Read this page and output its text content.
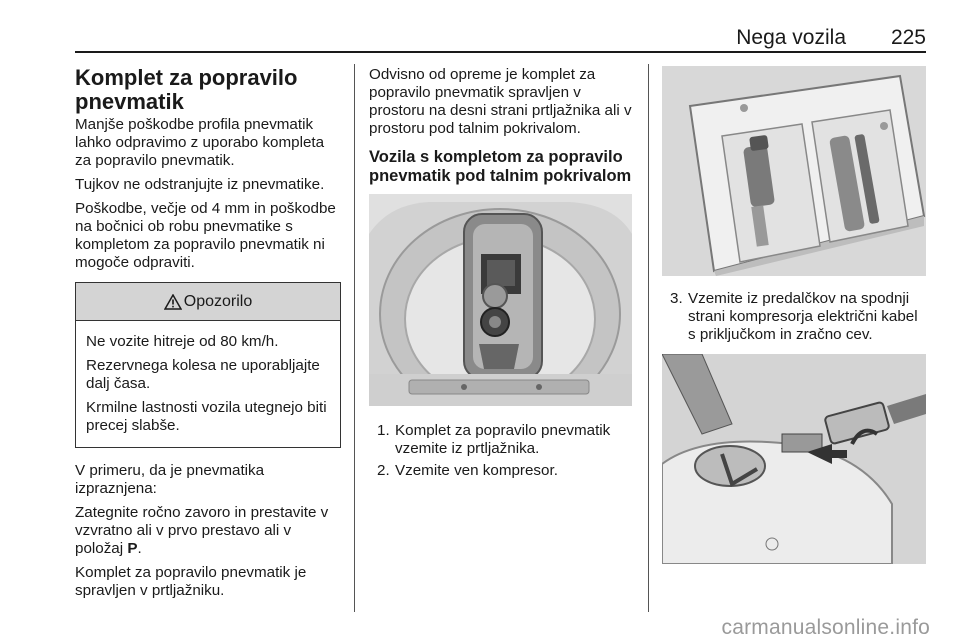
Nega vozila 225
Komplet za popravilo pnevmatik

Manjše poškodbe profila pnevmatik lahko odpravimo z uporabo kompleta za popravilo pnevmatik.

Tujkov ne odstranjujte iz pnevmatike.

Poškodbe, večje od 4 mm in poškodbe na bočnici ob robu pnevmatike s kompletom za popravilo pnevmatik ni mogoče odpraviti.

Opozorilo

Ne vozite hitreje od 80 km/h.

Rezervnega kolesa ne uporabljajte dalj časa.

Krmilne lastnosti vozila utegnejo biti precej slabše.

V primeru, da je pnevmatika izpraznjena:

Zategnite ročno zavoro in prestavite v vzvratno ali v prvo prestavo ali v položaj P.

Komplet za popravilo pnevmatik je spravljen v prtljažniku.

Odvisno od opreme je komplet za popravilo pnevmatik spravljen v prostoru na desni strani prtljažnika ali v prostoru pod talnim pokrivalom.

Vozila s kompletom za popravilo pnevmatik pod talnim pokrivalom
1. Komplet za popravilo pnevmatik vzemite iz prtljažnika.
2. Vzemite ven kompresor.
3. Vzemite iz predalčkov na spodnji strani kompresorja električni kabel s priključkom in zračno cev.
carmanualsonline.info
